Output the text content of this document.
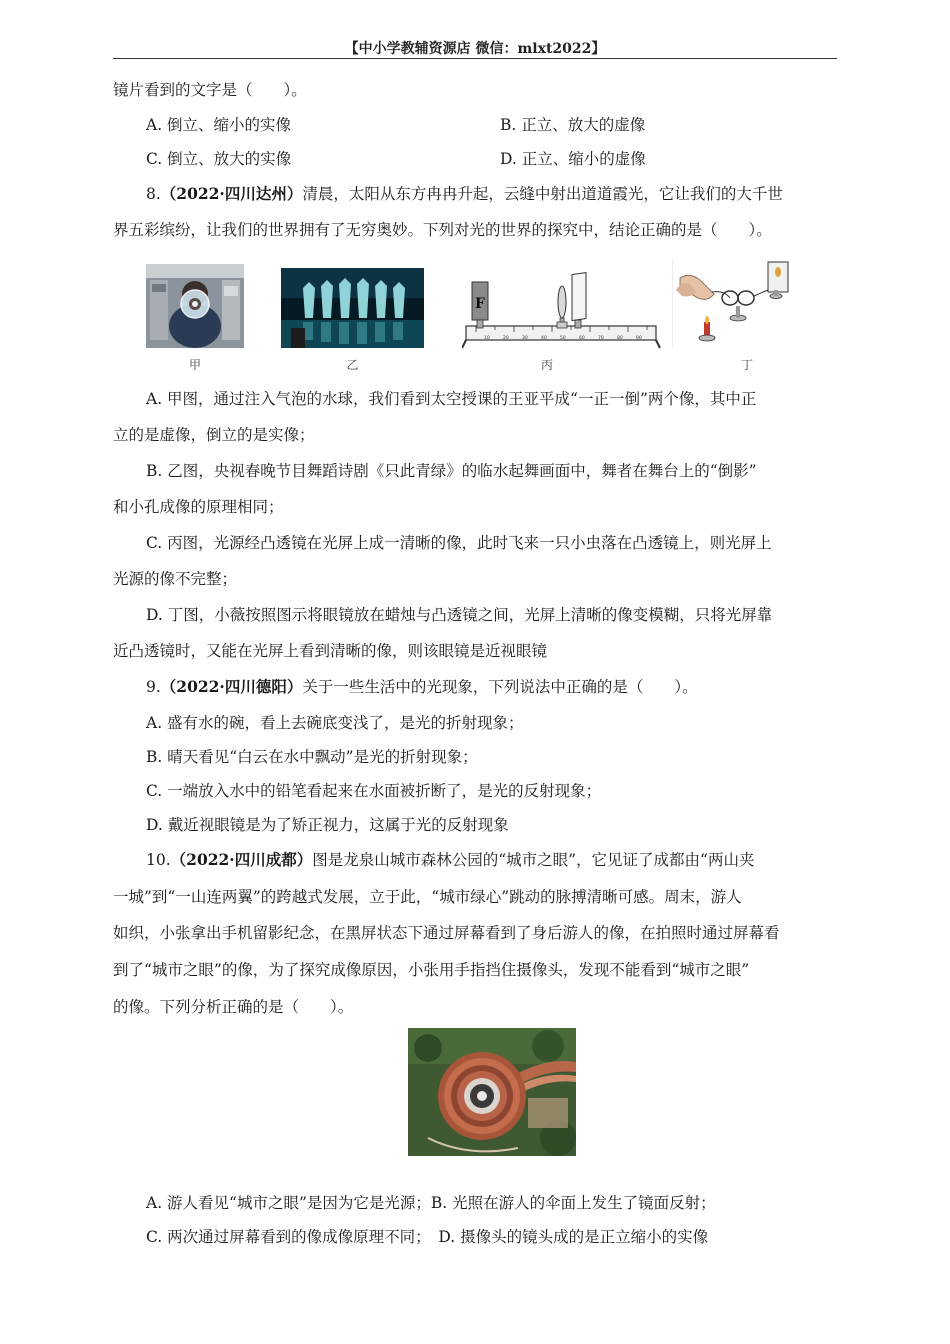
【中小学教辅资源店 微信：mlxt2022】
镜片看到的文字是（　　）。
A. 倒立、缩小的实像	B. 正立、放大的虚像
C. 倒立、放大的实像	D. 正立、缩小的虚像
8.（2022·四川达州）清晨，太阳从东方冉冉升起，云缝中射出道道霞光，它让我们的大千世
界五彩缤纷，让我们的世界拥有了无穷奥妙。下列对光的世界的探究中，结论正确的是（　　）。
甲	乙
10	20	30	40	50	60	70	80	90
F
丙	丁
A. 甲图，通过注入气泡的水球，我们看到太空授课的王亚平成“一正一倒”两个像，其中正
立的是虚像，倒立的是实像；
B. 乙图，央视春晚节目舞蹈诗剧《只此青绿》的临水起舞画面中，舞者在舞台上的“倒影”
和小孔成像的原理相同；
C. 丙图，光源经凸透镜在光屏上成一清晰的像，此时飞来一只小虫落在凸透镜上，则光屏上
光源的像不完整；
D. 丁图，小薇按照图示将眼镜放在蜡烛与凸透镜之间，光屏上清晰的像变模糊，只将光屏靠
近凸透镜时，又能在光屏上看到清晰的像，则该眼镜是近视眼镜
9.（2022·四川德阳）关于一些生活中的光现象，下列说法中正确的是（　　）。
A. 盛有水的碗，看上去碗底变浅了，是光的折射现象；
B. 晴天看见“白云在水中飘动”是光的折射现象；
C. 一端放入水中的铅笔看起来在水面被折断了，是光的反射现象；
D. 戴近视眼镜是为了矫正视力，这属于光的反射现象
10.（2022·四川成都）图是龙泉山城市森林公园的“城市之眼”，它见证了成都由“两山夹
一城”到“一山连两翼”的跨越式发展，立于此，“城市绿心”跳动的脉搏清晰可感。周末，游人
如织，小张拿出手机留影纪念，在黑屏状态下通过屏幕看到了身后游人的像，在拍照时通过屏幕看
到了“城市之眼”的像，为了探究成像原因，小张用手指挡住摄像头，发现不能看到“城市之眼”
的像。下列分析正确的是（　　）。
A. 游人看见“城市之眼”是因为它是光源；B. 光照在游人的伞面上发生了镜面反射；
C. 两次通过屏幕看到的像成像原理不同；　D. 摄像头的镜头成的是正立缩小的实像
